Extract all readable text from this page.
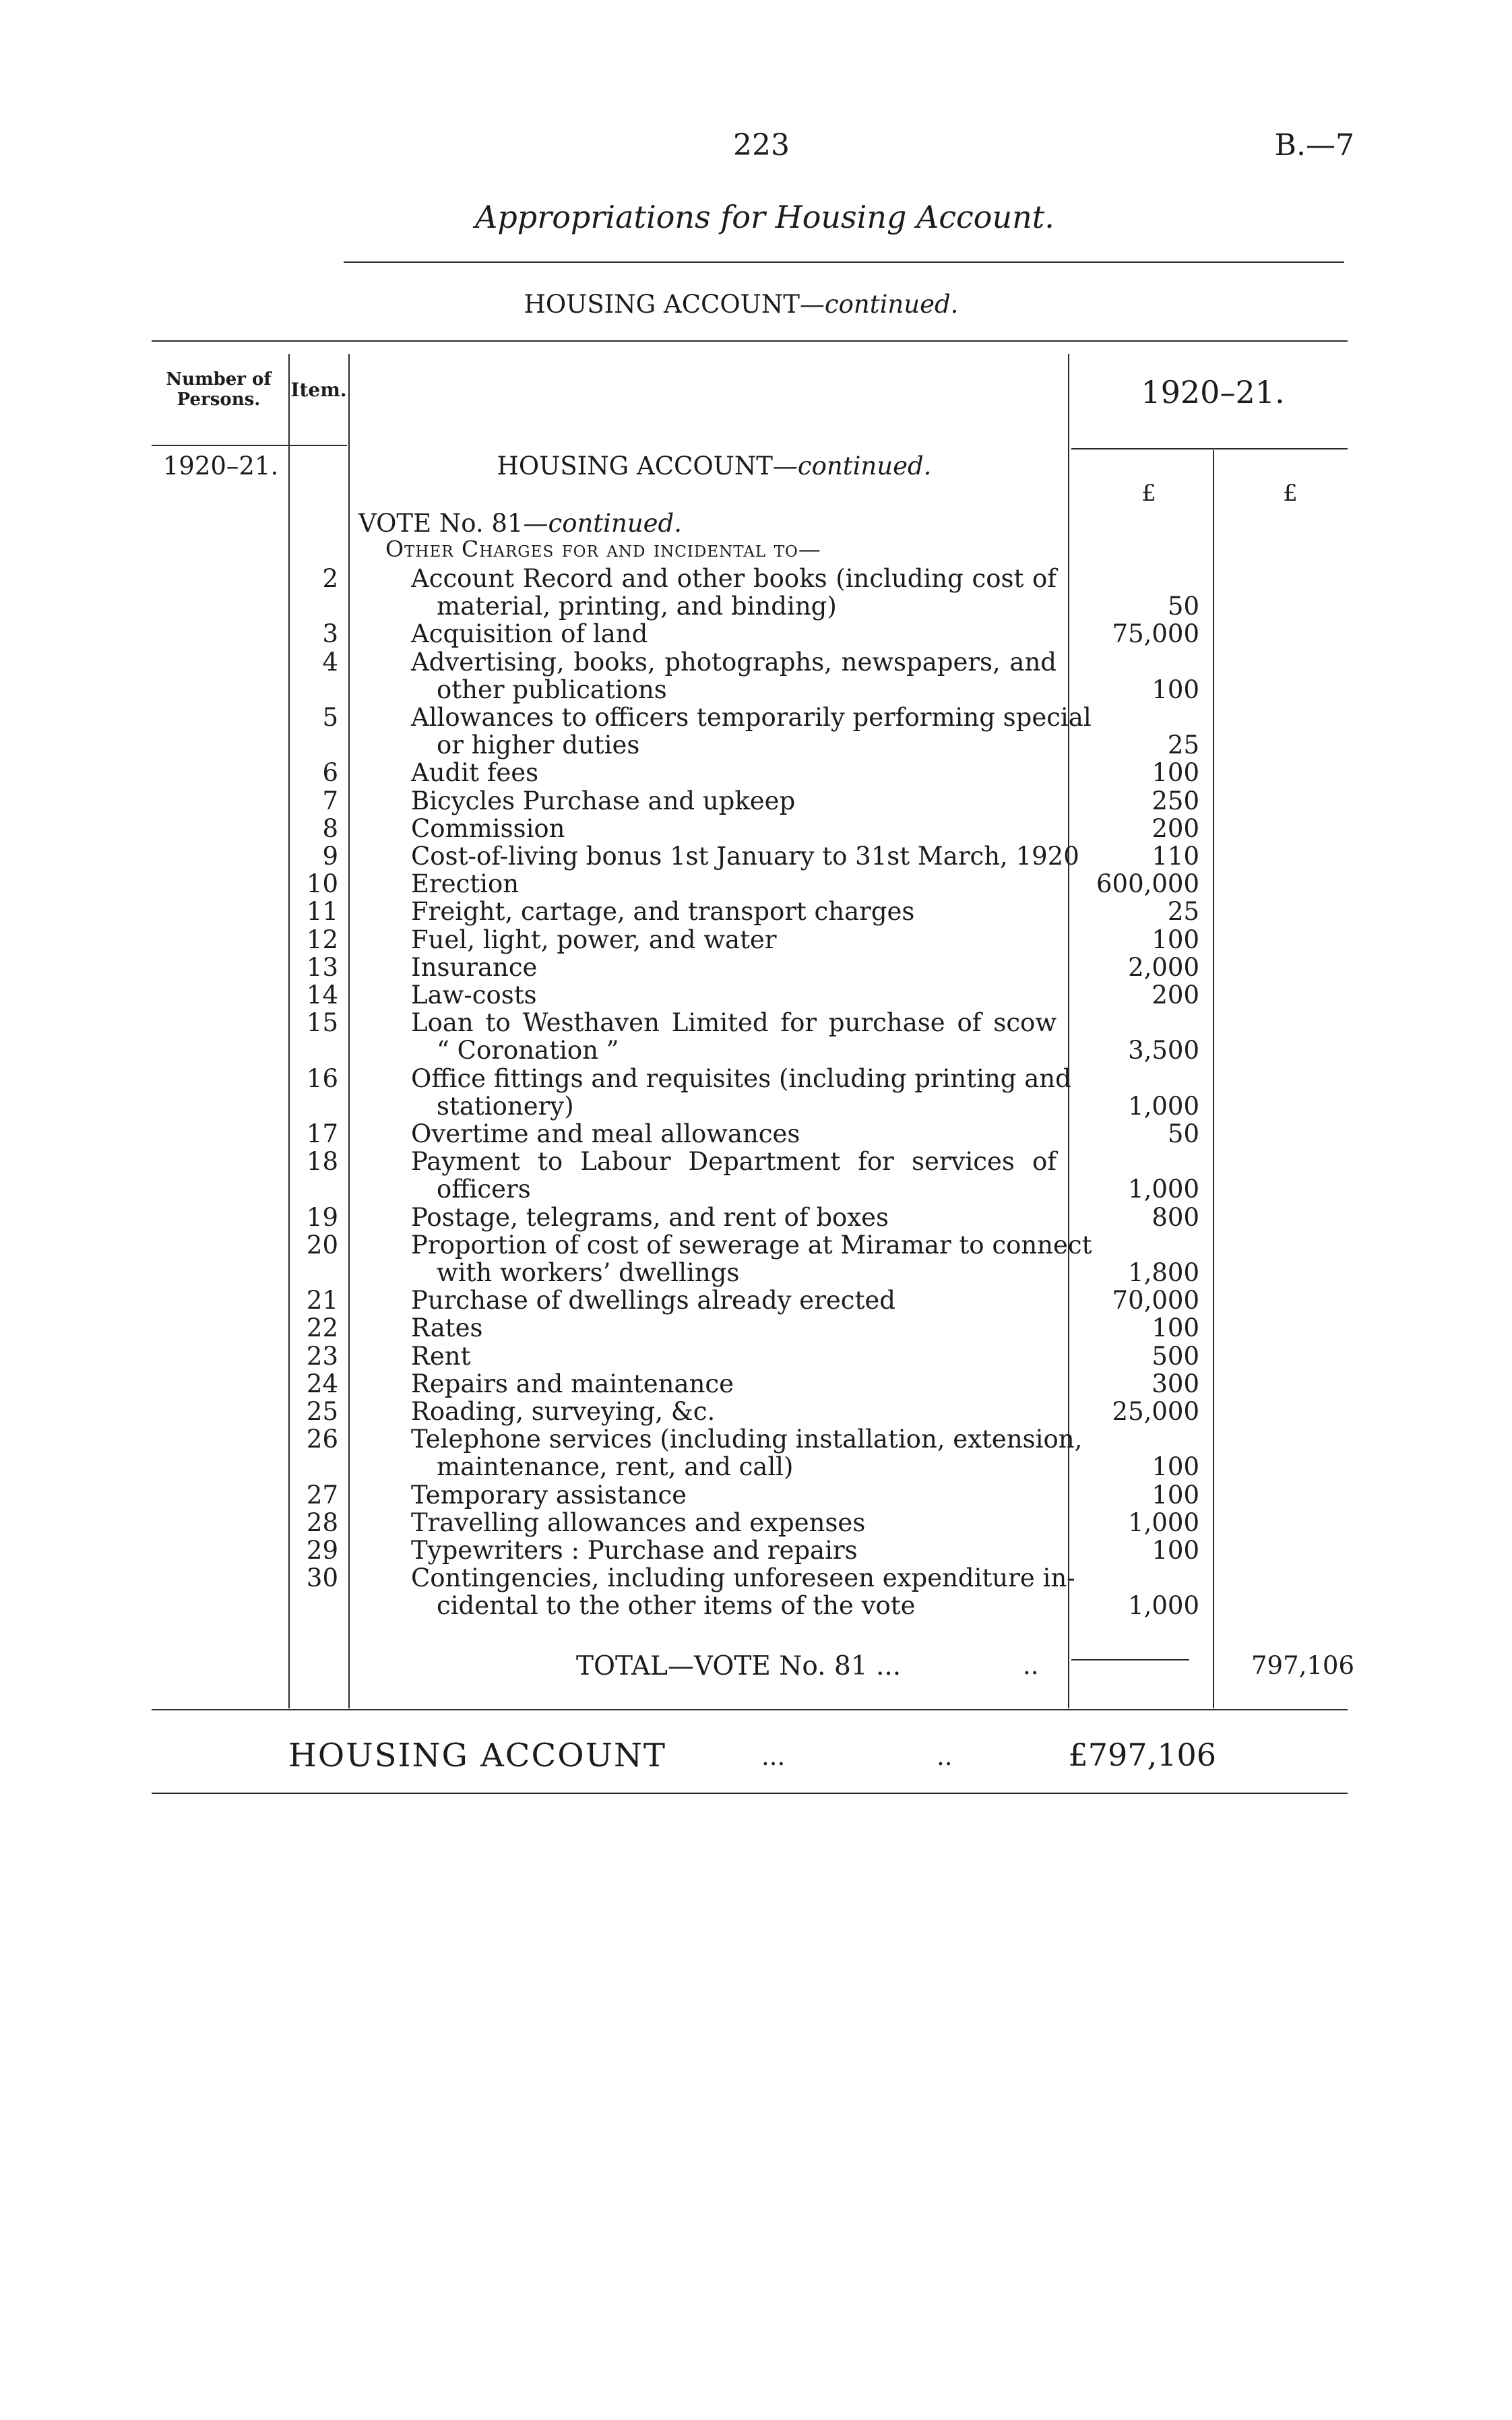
223	B.—7
Appropriations for Housing Account.
HOUSING ACCOUNT—continued.
Number of Persons.	Item.	1920–21.
1920–21.	HOUSING ACCOUNT—continued.
£	£
VOTE No. 81—continued.
Other Charges for and incidental to—
2	Account Record and other books (including cost of
material, printing, and binding)	50
3	Acquisition of land	75,000
4	Advertising, books, photographs, newspapers, and
other publications	100
5	Allowances to officers temporarily performing special
or higher duties	25
6	Audit fees	100
7	Bicycles Purchase and upkeep	250
8	Commission	200
9	Cost-of-living bonus 1st January to 31st March, 1920	110
10	Erection	600,000
11	Freight, cartage, and transport charges	25
12	Fuel, light, power, and water	100
13	Insurance	2,000
14	Law-costs	200
15	Loan to Westhaven Limited for purchase of scow
“ Coronation ”	3,500
16	Office fittings and requisites (including printing and
stationery)	1,000
17	Overtime and meal allowances	50
18	Payment to Labour Department for services of
officers	1,000
19	Postage, telegrams, and rent of boxes	800
20	Proportion of cost of sewerage at Miramar to connect
with workers’ dwellings	1,800
21	Purchase of dwellings already erected	70,000
22	Rates	100
23	Rent	500
24	Repairs and maintenance	300
25	Roading, surveying, &c.	25,000
26	Telephone services (including installation, extension,
maintenance, rent, and call)	100
27	Temporary assistance	100
28	Travelling allowances and expenses	1,000
29	Typewriters : Purchase and repairs	100
30	Contingencies, including unforeseen expenditure in-
cidental to the other items of the vote	1,000
TOTAL—VOTE No. 81 ...	..	797,106
HOUSING ACCOUNT	...	..	£797,106
